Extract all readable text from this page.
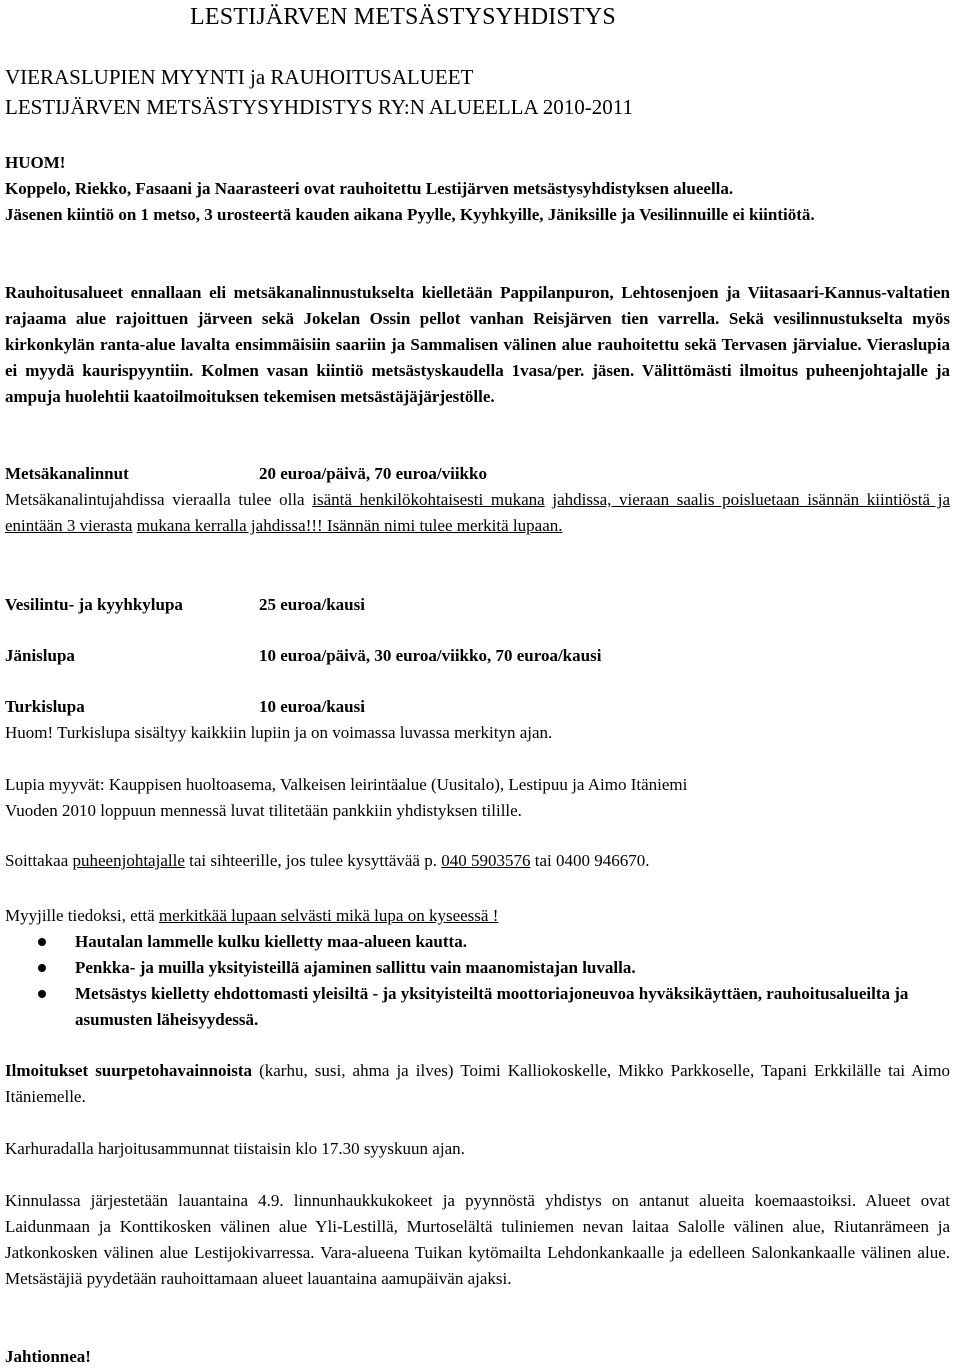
LESTIJÄRVEN METSÄSTYSYHDISTYS
VIERASLUPIEN MYYNTI ja RAUHOITUSALUEET
LESTIJÄRVEN METSÄSTYSYHDISTYS RY:N ALUEELLA 2010-2011
HUOM!
Koppelo, Riekko, Fasaani ja Naarasteeri ovat rauhoitettu Lestijärven metsästysyhdistyksen alueella.
Jäsenen kiintiö on 1 metso, 3 urosteertä kauden aikana Pyylle, Kyyhkyille, Jäniksille ja Vesilinnuille ei kiintiötä.
Rauhoitusalueet ennallaan eli metsäkanalinnustukselta kielletään Pappilanpuron, Lehtosenjoen ja Viitasaari-Kannus-valtatien rajaama alue rajoittuen järveen sekä Jokelan Ossin pellot vanhan Reisjärven tien varrella. Sekä vesilinnustukselta myös kirkonkylän ranta-alue lavalta ensimmäisiin saariin ja Sammalisen välinen alue rauhoitettu sekä Tervasen järvialue. Vieraslupia ei myydä kaurispyyntiin. Kolmen vasan kiintiö metsästyskaudella 1vasa/per. jäsen. Välittömästi ilmoitus puheenjohtajalle ja ampuja huolehtii kaatoilmoituksen tekemisen metsästäjäjärjestölle.
Metsäkanalinnut	20 euroa/päivä, 70 euroa/viikko
Metsäkanalintujahdissa vieraalla tulee olla isäntä henkilökohtaisesti mukana jahdissa, vieraan saalis poisluetaan isännän kiintiöstä ja enintään 3 vierasta mukana kerralla jahdissa!!! Isännän nimi tulee merkitä lupaan.
Vesilintu- ja kyyhkylupa	25 euroa/kausi
Jänislupa	10 euroa/päivä, 30 euroa/viikko, 70 euroa/kausi
Turkislupa	10 euroa/kausi
Huom! Turkislupa sisältyy kaikkiin lupiin ja on voimassa luvassa merkityn ajan.
Lupia myyvät: Kauppisen huoltoasema, Valkeisen leirintäalue (Uusitalo), Lestipuu ja Aimo Itäniemi
Vuoden 2010 loppuun mennessä luvat tilitetään pankkiin yhdistyksen tilille.
Soittakaa puheenjohtajalle tai sihteerille, jos tulee kysyttävää p. 040 5903576 tai 0400 946670.
Myyjille tiedoksi, että merkitkää lupaan selvästi mikä lupa on kyseessä !
Hautalan lammelle kulku kielletty maa-alueen kautta.
Penkka- ja muilla yksityisteillä ajaminen sallittu vain maanomistajan luvalla.
Metsästys kielletty ehdottomasti yleisiltä - ja yksityisteiltä moottoriajoneuvoa hyväksikäyttäen, rauhoitusalueilta ja asumusten läheisyydessä.
Ilmoitukset suurpetohavainnoista (karhu, susi, ahma ja ilves) Toimi Kalliokoskelle, Mikko Parkkoselle, Tapani Erkkilälle tai Aimo Itäniemelle.
Karhuradalla harjoitusammunnat tiistaisin klo 17.30 syyskuun ajan.
Kinnulassa järjestetään lauantaina 4.9. linnunhaukkukokeet ja pyynnöstä yhdistys on antanut alueita koemaastoiksi. Alueet ovat Laidunmaan ja Konttikosken välinen alue Yli-Lestillä, Murtoselältä tuliniemen nevan laitaa Salolle välinen alue, Riutanrämeen ja Jatkonkosken välinen alue Lestijokivarressa. Vara-alueena Tuikan kytömailta Lehdonkankaalle ja edelleen Salonkankaalle välinen alue. Metsästäjiä pyydetään rauhoittamaan alueet lauantaina aamupäivän ajaksi.
Jahtionnea!
